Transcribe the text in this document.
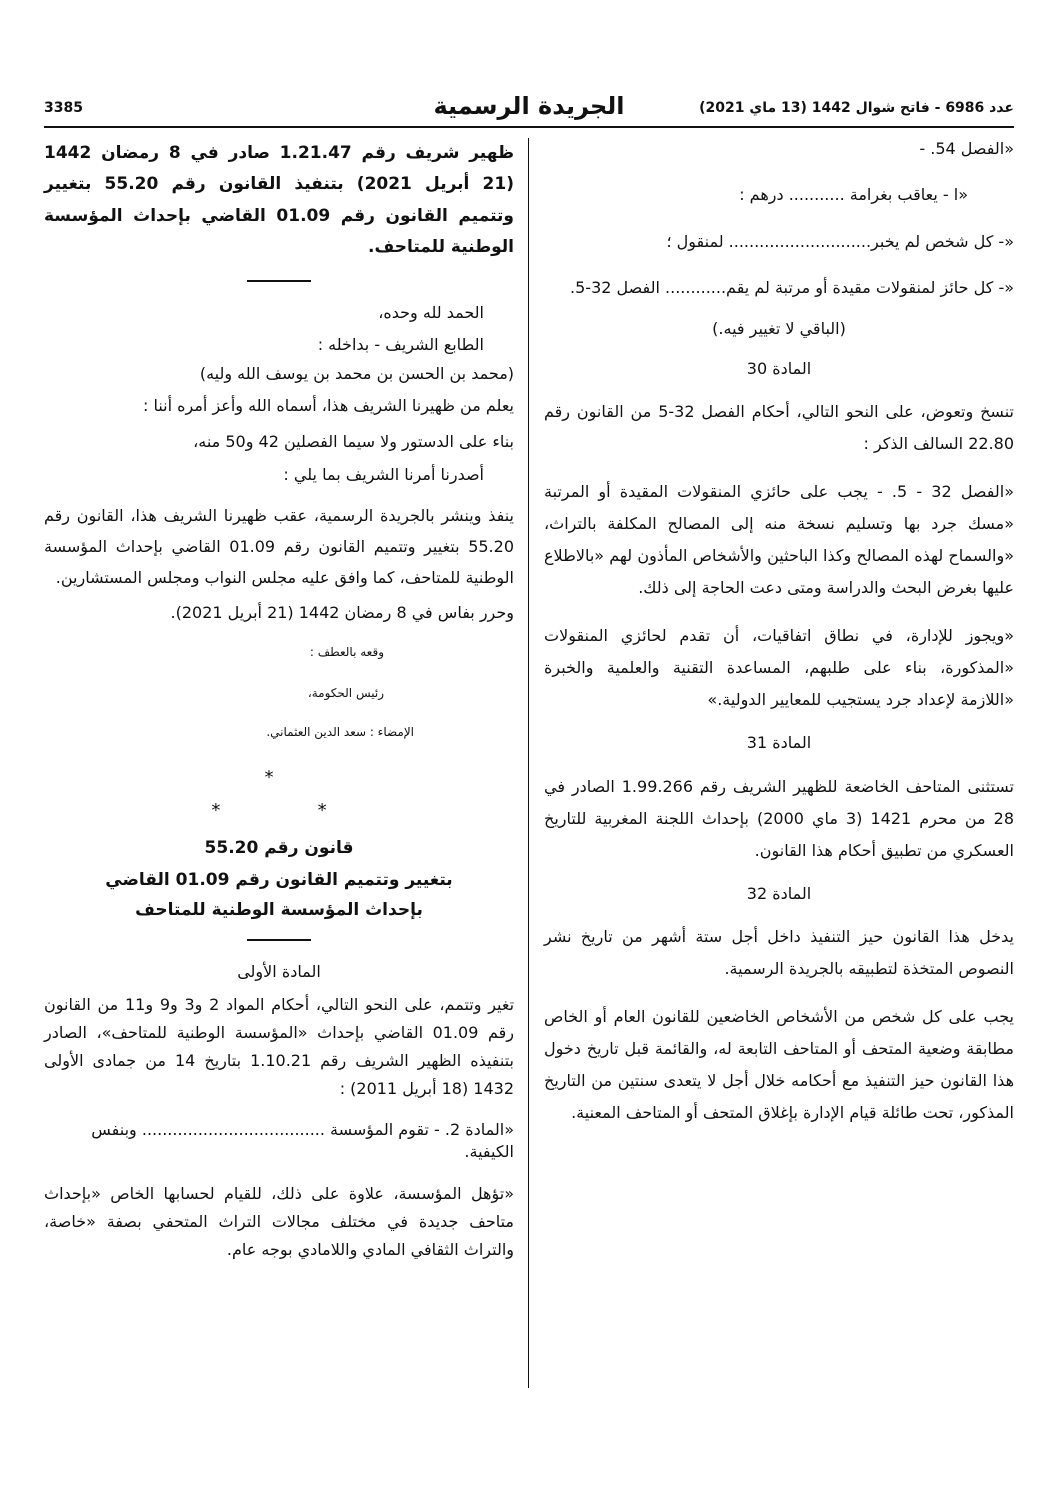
عدد 6986 - فاتح شوال 1442 (13 ماي 2021)
الجريدة الرسمية
3385

«الفصل 54. -

«ا - يعاقب بغرامة ........... درهم :

«- كل شخص لم يخبر............................ لمنقول ؛

«- كل حائز لمنقولات مقيدة أو مرتبة لم يقم............ الفصل 32-5.

(الباقي لا تغيير فيه.)

المادة 30

تنسخ وتعوض، على النحو التالي، أحكام الفصل 32-5 من القانون رقم 22.80 السالف الذكر :

«الفصل 32 - 5. - يجب على حائزي المنقولات المقيدة أو المرتبة «مسك جرد بها وتسليم نسخة منه إلى المصالح المكلفة بالتراث، «والسماح لهذه المصالح وكذا الباحثين والأشخاص المأذون لهم «بالاطلاع عليها بغرض البحث والدراسة ومتى دعت الحاجة إلى ذلك.

«ويجوز للإدارة، في نطاق اتفاقيات، أن تقدم لحائزي المنقولات «المذكورة، بناء على طلبهم، المساعدة التقنية والعلمية والخبرة «اللازمة لإعداد جرد يستجيب للمعايير الدولية.»

المادة 31

تستثنى المتاحف الخاضعة للظهير الشريف رقم 1.99.266 الصادر في 28 من محرم 1421 (3 ماي 2000) بإحداث اللجنة المغربية للتاريخ العسكري من تطبيق أحكام هذا القانون.

المادة 32

يدخل هذا القانون حيز التنفيذ داخل أجل ستة أشهر من تاريخ نشر النصوص المتخذة لتطبيقه بالجريدة الرسمية.

يجب على كل شخص من الأشخاص الخاضعين للقانون العام أو الخاص مطابقة وضعية المتحف أو المتاحف التابعة له، والقائمة قبل تاريخ دخول هذا القانون حيز التنفيذ مع أحكامه خلال أجل لا يتعدى سنتين من التاريخ المذكور، تحت طائلة قيام الإدارة بإغلاق المتحف أو المتاحف المعنية.

ظهير شريف رقم 1.21.47 صادر في 8 رمضان 1442 (21 أبريل 2021) بتنفيذ القانون رقم 55.20 بتغيير وتتميم القانون رقم 01.09 القاضي بإحداث المؤسسة الوطنية للمتاحف.

الحمد لله وحده،

الطابع الشريف - بداخله :

(محمد بن الحسن بن محمد بن يوسف الله وليه)

يعلم من ظهيرنا الشريف هذا، أسماه الله وأعز أمره أننا :

بناء على الدستور ولا سيما الفصلين 42 و50 منه،

أصدرنا أمرنا الشريف بما يلي :

ينفذ وينشر بالجريدة الرسمية، عقب ظهيرنا الشريف هذا، القانون رقم 55.20 بتغيير وتتميم القانون رقم 01.09 القاضي بإحداث المؤسسة الوطنية للمتاحف، كما وافق عليه مجلس النواب ومجلس المستشارين.

وحرر بفاس في 8 رمضان 1442 (21 أبريل 2021).

وقعه بالعطف :

رئيس الحكومة،

الإمضاء : سعد الدين العثماني.

*
*   *

قانون رقم 55.20

بتغيير وتتميم القانون رقم 01.09 القاضي

بإحداث المؤسسة الوطنية للمتاحف

المادة الأولى

تغير وتتمم، على النحو التالي، أحكام المواد 2 و3 و9 و11 من القانون رقم 01.09 القاضي بإحداث «المؤسسة الوطنية للمتاحف»، الصادر بتنفيذه الظهير الشريف رقم 1.10.21 بتاريخ 14 من جمادى الأولى 1432 (18 أبريل 2011) :

«المادة 2. - تقوم المؤسسة .................................... وبنفس الكيفية.

«تؤهل المؤسسة، علاوة على ذلك، للقيام لحسابها الخاص «بإحداث متاحف جديدة في مختلف مجالات التراث المتحفي بصفة «خاصة، والتراث الثقافي المادي واللامادي بوجه عام.
